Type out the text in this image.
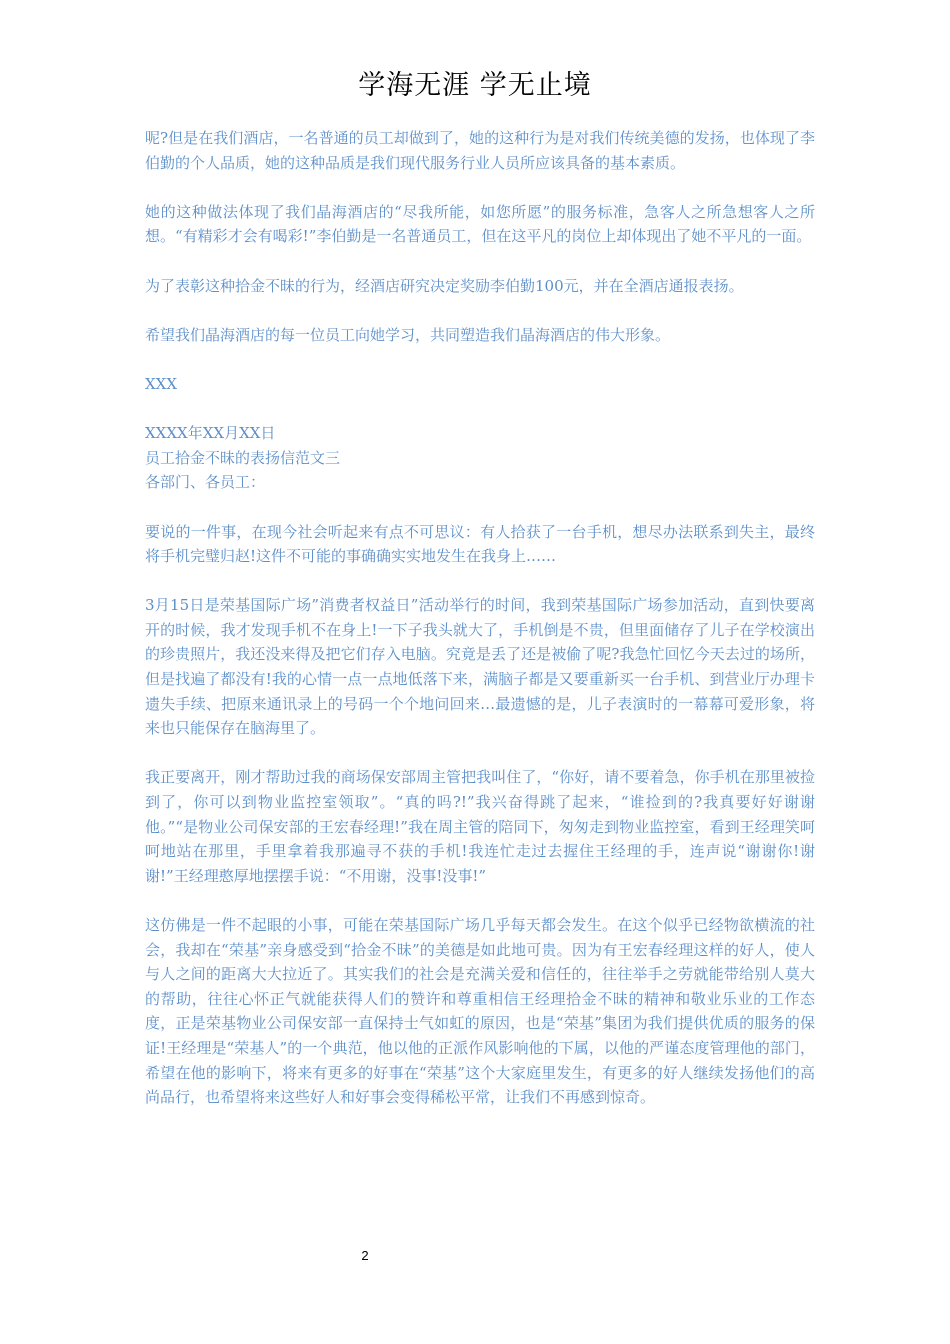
学海无涯 学无止境

呢?但是在我们酒店，一名普通的员工却做到了，她的这种行为是对我们传统美德的发扬，也体现了李伯勤的个人品质，她的这种品质是我们现代服务行业人员所应该具备的基本素质。

她的这种做法体现了我们晶海酒店的“尽我所能，如您所愿”的服务标准，急客人之所急想客人之所想。“有精彩才会有喝彩!”李伯勤是一名普通员工，但在这平凡的岗位上却体现出了她不平凡的一面。

为了表彰这种拾金不昧的行为，经酒店研究决定奖励李伯勤100元，并在全酒店通报表扬。

希望我们晶海酒店的每一位员工向她学习，共同塑造我们晶海酒店的伟大形象。

XXX

XXXX年XX月XX日

员工拾金不昧的表扬信范文三

各部门、各员工：

要说的一件事，在现今社会听起来有点不可思议：有人拾获了一台手机，想尽办法联系到失主，最终将手机完璧归赵!这件不可能的事确确实实地发生在我身上……

3月15日是荣基国际广场”消费者权益日”活动举行的时间，我到荣基国际广场参加活动，直到快要离开的时候，我才发现手机不在身上!一下子我头就大了，手机倒是不贵，但里面储存了儿子在学校演出的珍贵照片，我还没来得及把它们存入电脑。究竟是丢了还是被偷了呢?我急忙回忆今天去过的场所，但是找遍了都没有!我的心情一点一点地低落下来，满脑子都是又要重新买一台手机、到营业厅办理卡遗失手续、把原来通讯录上的号码一个个地问回来…最遗憾的是，儿子表演时的一幕幕可爱形象，将来也只能保存在脑海里了。

我正要离开，刚才帮助过我的商场保安部周主管把我叫住了，“你好，请不要着急，你手机在那里被捡到了，你可以到物业监控室领取”。“真的吗?!”我兴奋得跳了起来，“谁捡到的?我真要好好谢谢他。”“是物业公司保安部的王宏春经理!”我在周主管的陪同下，匆匆走到物业监控室，看到王经理笑呵呵地站在那里，手里拿着我那遍寻不获的手机!我连忙走过去握住王经理的手，连声说“谢谢你!谢谢!”王经理憨厚地摆摆手说：“不用谢，没事!没事!”

这仿佛是一件不起眼的小事，可能在荣基国际广场几乎每天都会发生。在这个似乎已经物欲横流的社会，我却在“荣基”亲身感受到“拾金不昧”的美德是如此地可贵。因为有王宏春经理这样的好人，使人与人之间的距离大大拉近了。其实我们的社会是充满关爱和信任的，往往举手之劳就能带给别人莫大的帮助，往往心怀正气就能获得人们的赞许和尊重相信王经理拾金不昧的精神和敬业乐业的工作态度，正是荣基物业公司保安部一直保持士气如虹的原因，也是“荣基”集团为我们提供优质的服务的保证!王经理是“荣基人”的一个典范，他以他的正派作风影响他的下属，以他的严谨态度管理他的部门，希望在他的影响下，将来有更多的好事在“荣基”这个大家庭里发生，有更多的好人继续发扬他们的高尚品行，也希望将来这些好人和好事会变得稀松平常，让我们不再感到惊奇。

2
